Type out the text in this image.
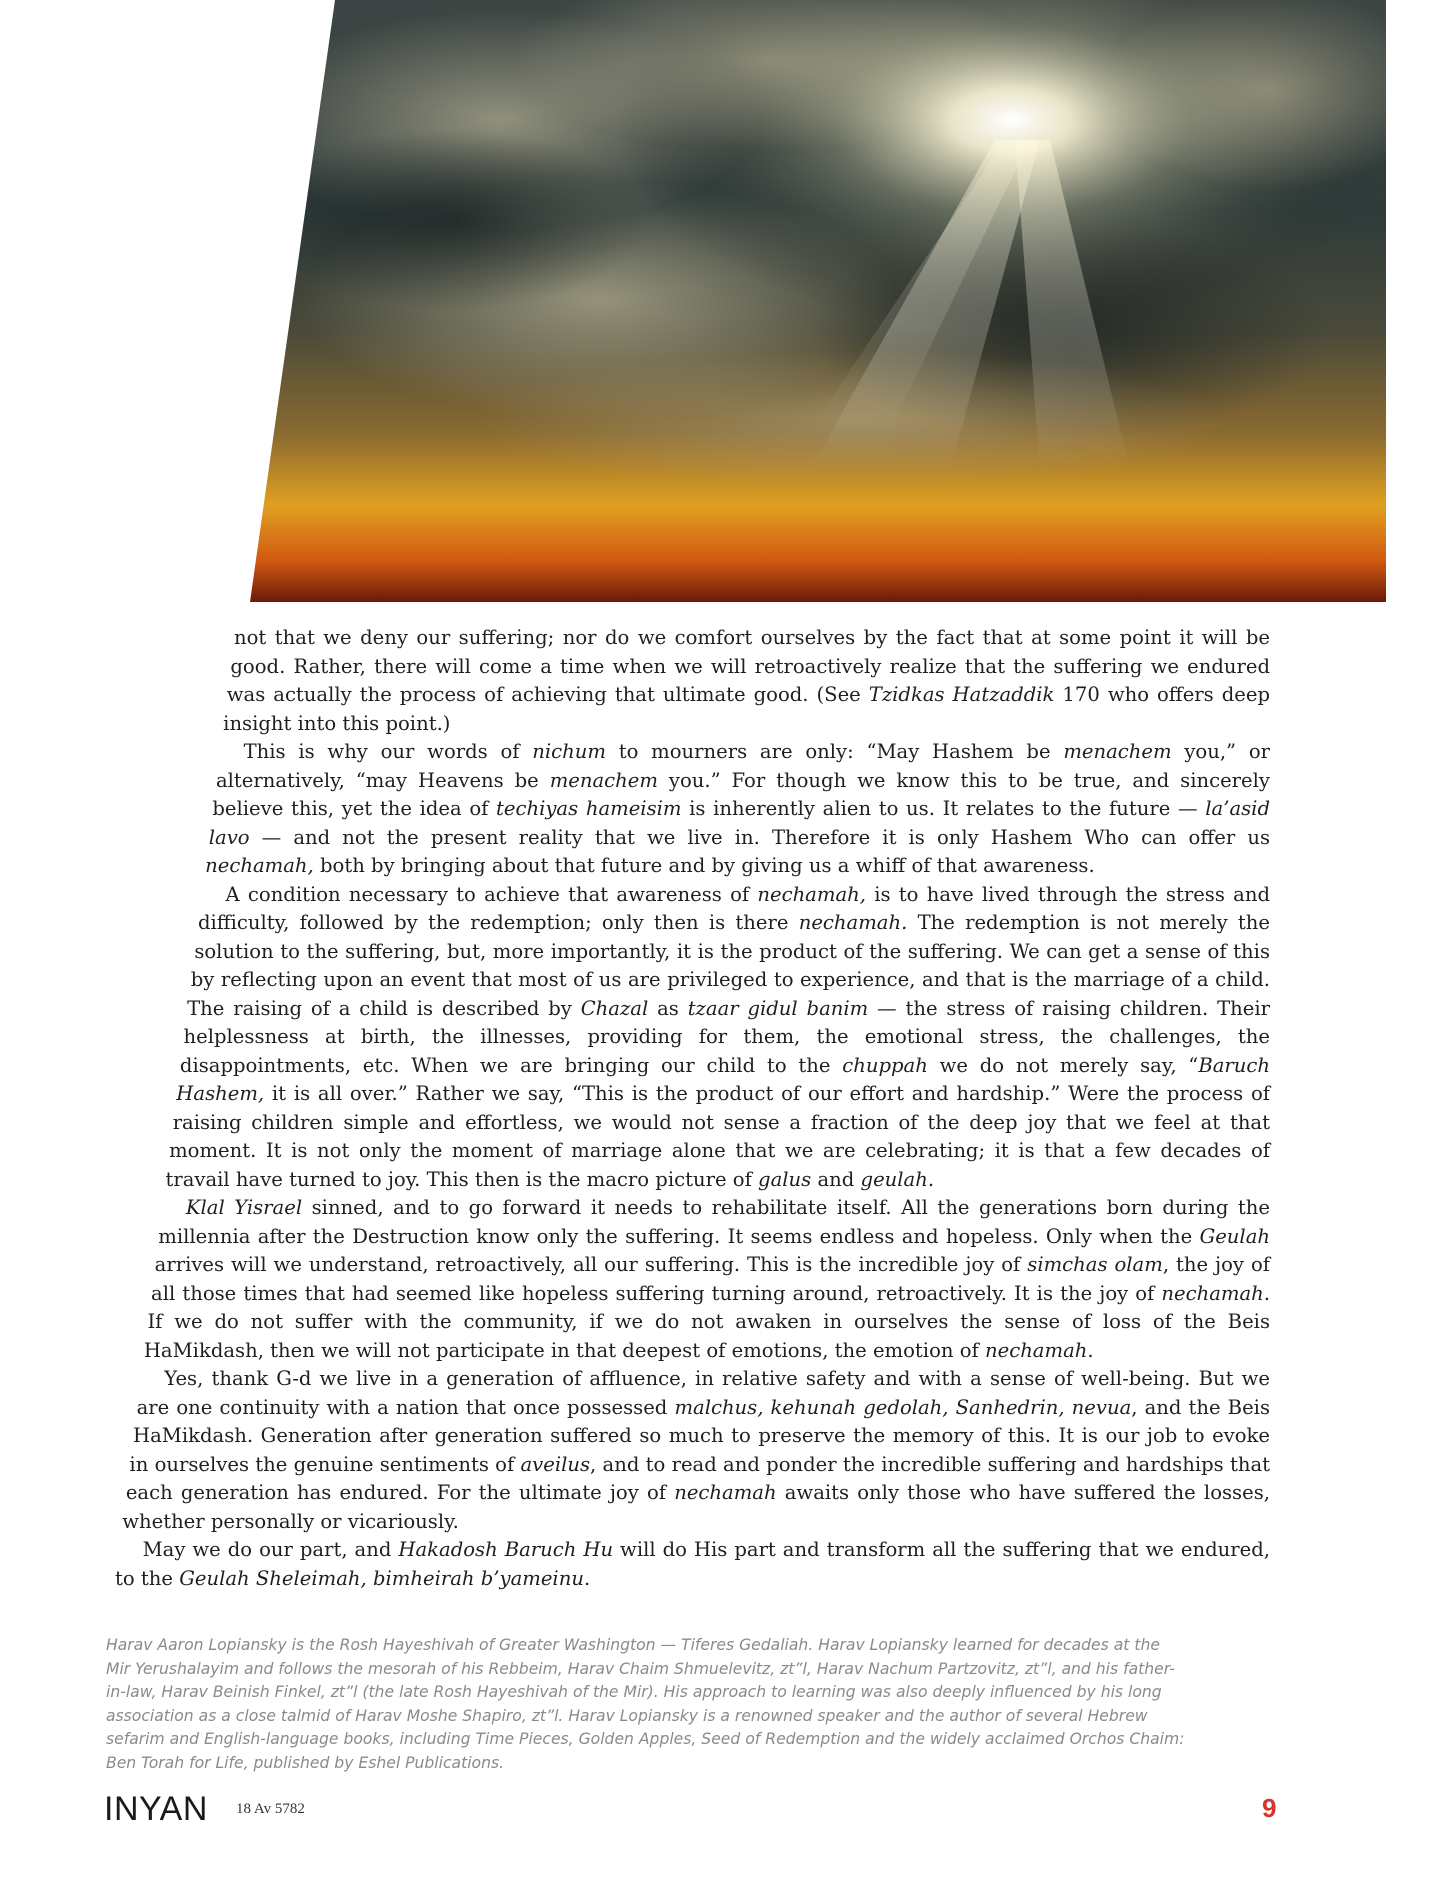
not that we deny our suffering; nor do we comfort ourselves by the fact that at some point it will be good. Rather, there will come a time when we will retroactively realize that the suffering we endured was actually the process of achieving that ultimate good. (See Tzidkas Hatzaddik 170 who offers deep insight into this point.)

This is why our words of nichum to mourners are only: “May Hashem be menachem you,” or alternatively, “may Heavens be menachem you.” For though we know this to be true, and sincerely believe this, yet the idea of techiyas hameisim is inherently alien to us. It relates to the future — la’asid lavo — and not the present reality that we live in. Therefore it is only Hashem Who can offer us nechamah, both by bringing about that future and by giving us a whiff of that awareness.

A condition necessary to achieve that awareness of nechamah, is to have lived through the stress and difficulty, followed by the redemption; only then is there nechamah. The redemption is not merely the solution to the suffering, but, more importantly, it is the product of the suffering. We can get a sense of this by reflecting upon an event that most of us are privileged to experience, and that is the marriage of a child. The raising of a child is described by Chazal as tzaar gidul banim — the stress of raising children. Their helplessness at birth, the illnesses, providing for them, the emotional stress, the challenges, the disappointments, etc. When we are bringing our child to the chuppah we do not merely say, “Baruch Hashem, it is all over.” Rather we say, “This is the product of our effort and hardship.” Were the process of raising children simple and effortless, we would not sense a fraction of the deep joy that we feel at that moment. It is not only the moment of marriage alone that we are celebrating; it is that a few decades of travail have turned to joy. This then is the macro picture of galus and geulah.

Klal Yisrael sinned, and to go forward it needs to rehabilitate itself. All the generations born during the millennia after the Destruction know only the suffering. It seems endless and hopeless. Only when the Geulah arrives will we understand, retroactively, all our suffering. This is the incredible joy of simchas olam, the joy of all those times that had seemed like hopeless suffering turning around, retroactively. It is the joy of nechamah. If we do not suffer with the community, if we do not awaken in ourselves the sense of loss of the Beis HaMikdash, then we will not participate in that deepest of emotions, the emotion of nechamah.

Yes, thank G-d we live in a generation of affluence, in relative safety and with a sense of well-being. But we are one continuity with a nation that once possessed malchus, kehunah gedolah, Sanhedrin, nevua, and the Beis HaMikdash. Generation after generation suffered so much to preserve the memory of this. It is our job to evoke in ourselves the genuine sentiments of aveilus, and to read and ponder the incredible suffering and hardships that each generation has endured. For the ultimate joy of nechamah awaits only those who have suffered the losses, whether personally or vicariously.

May we do our part, and Hakadosh Baruch Hu will do His part and transform all the suffering that we endured, to the Geulah Sheleimah, bimheirah b’yameinu.

Harav Aaron Lopiansky is the Rosh Hayeshivah of Greater Washington — Tiferes Gedaliah. Harav Lopiansky learned for decades at the Mir Yerushalayim and follows the mesorah of his Rebbeim, Harav Chaim Shmuelevitz, zt”l, Harav Nachum Partzovitz, zt”l, and his father-in-law, Harav Beinish Finkel, zt”l (the late Rosh Hayeshivah of the Mir). His approach to learning was also deeply influenced by his long association as a close talmid of Harav Moshe Shapiro, zt”l. Harav Lopiansky is a renowned speaker and the author of several Hebrew sefarim and English-language books, including Time Pieces, Golden Apples, Seed of Redemption and the widely acclaimed Orchos Chaim: Ben Torah for Life, published by Eshel Publications.

INYAN 18 Av 5782	9
